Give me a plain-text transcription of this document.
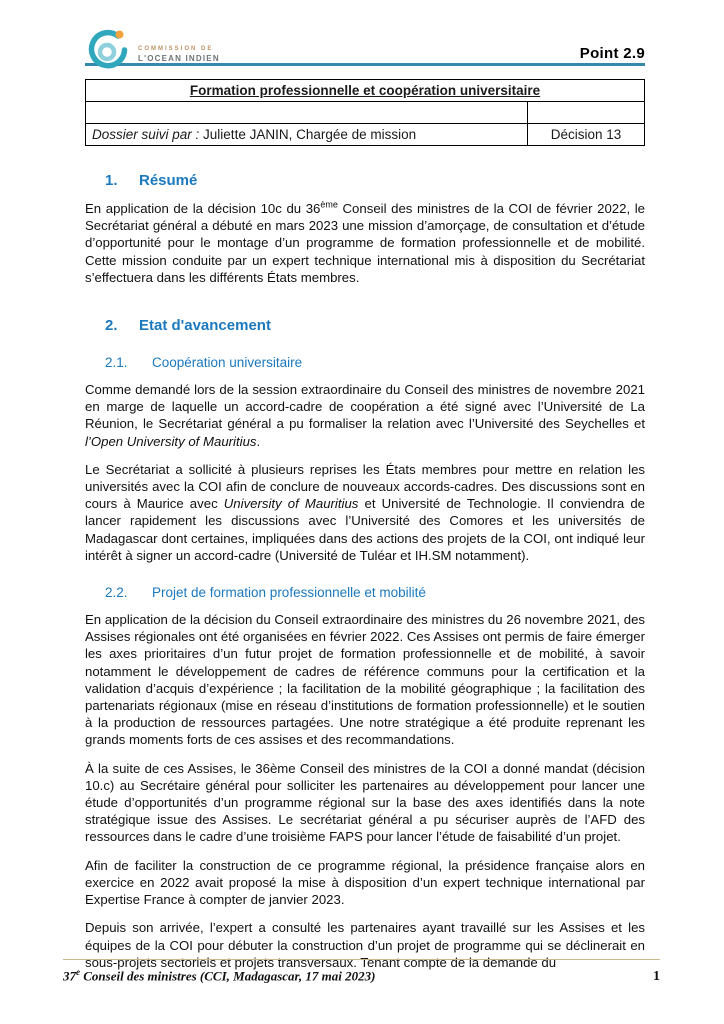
COMMISSION DE
L'OCEAN INDIEN	Point 2.9
Formation professionnelle et coopération universitaire	

Dossier suivi par : Juliette JANIN, Chargée de mission	Décision 13
1. Résumé

En application de la décision 10c du 36ème Conseil des ministres de la COI de février 2022, le Secrétariat général a débuté en mars 2023 une mission d’amorçage, de consultation et d’étude d’opportunité pour le montage d’un programme de formation professionnelle et de mobilité. Cette mission conduite par un expert technique international mis à disposition du Secrétariat s’effectuera dans les différents États membres.

2. Etat d'avancement
2.1. Coopération universitaire

Comme demandé lors de la session extraordinaire du Conseil des ministres de novembre 2021 en marge de laquelle un accord-cadre de coopération a été signé avec l’Université de La Réunion, le Secrétariat général a pu formaliser la relation avec l’Université des Seychelles et l’Open University of Mauritius.

Le Secrétariat a sollicité à plusieurs reprises les États membres pour mettre en relation les universités avec la COI afin de conclure de nouveaux accords-cadres. Des discussions sont en cours à Maurice avec University of Mauritius et Université de Technologie. Il conviendra de lancer rapidement les discussions avec l’Université des Comores et les universités de Madagascar dont certaines, impliquées dans des actions des projets de la COI, ont indiqué leur intérêt à signer un accord-cadre (Université de Tuléar et IH.SM notamment).

2.2. Projet de formation professionnelle et mobilité

En application de la décision du Conseil extraordinaire des ministres du 26 novembre 2021, des Assises régionales ont été organisées en février 2022. Ces Assises ont permis de faire émerger les axes prioritaires d’un futur projet de formation professionnelle et de mobilité, à savoir notamment le développement de cadres de référence communs pour la certification et la validation d’acquis d’expérience ; la facilitation de la mobilité géographique ; la facilitation des partenariats régionaux (mise en réseau d’institutions de formation professionnelle) et le soutien à la production de ressources partagées. Une notre stratégique a été produite reprenant les grands moments forts de ces assises et des recommandations.

À la suite de ces Assises, le 36ème Conseil des ministres de la COI a donné mandat (décision 10.c) au Secrétaire général pour solliciter les partenaires au développement pour lancer une étude d’opportunités d’un programme régional sur la base des axes identifiés dans la note stratégique issue des Assises. Le secrétariat général a pu sécuriser auprès de l’AFD des ressources dans le cadre d’une troisième FAPS pour lancer l’étude de faisabilité d’un projet.

Afin de faciliter la construction de ce programme régional, la présidence française alors en exercice en 2022 avait proposé la mise à disposition d’un expert technique international par Expertise France à compter de janvier 2023.

Depuis son arrivée, l’expert a consulté les partenaires ayant travaillé sur les Assises et les équipes de la COI pour débuter la construction d’un projet de programme qui se déclinerait en sous-projets sectoriels et projets transversaux. Tenant compte de la demande du

37e Conseil des ministres (CCI, Madagascar, 17 mai 2023)	1
